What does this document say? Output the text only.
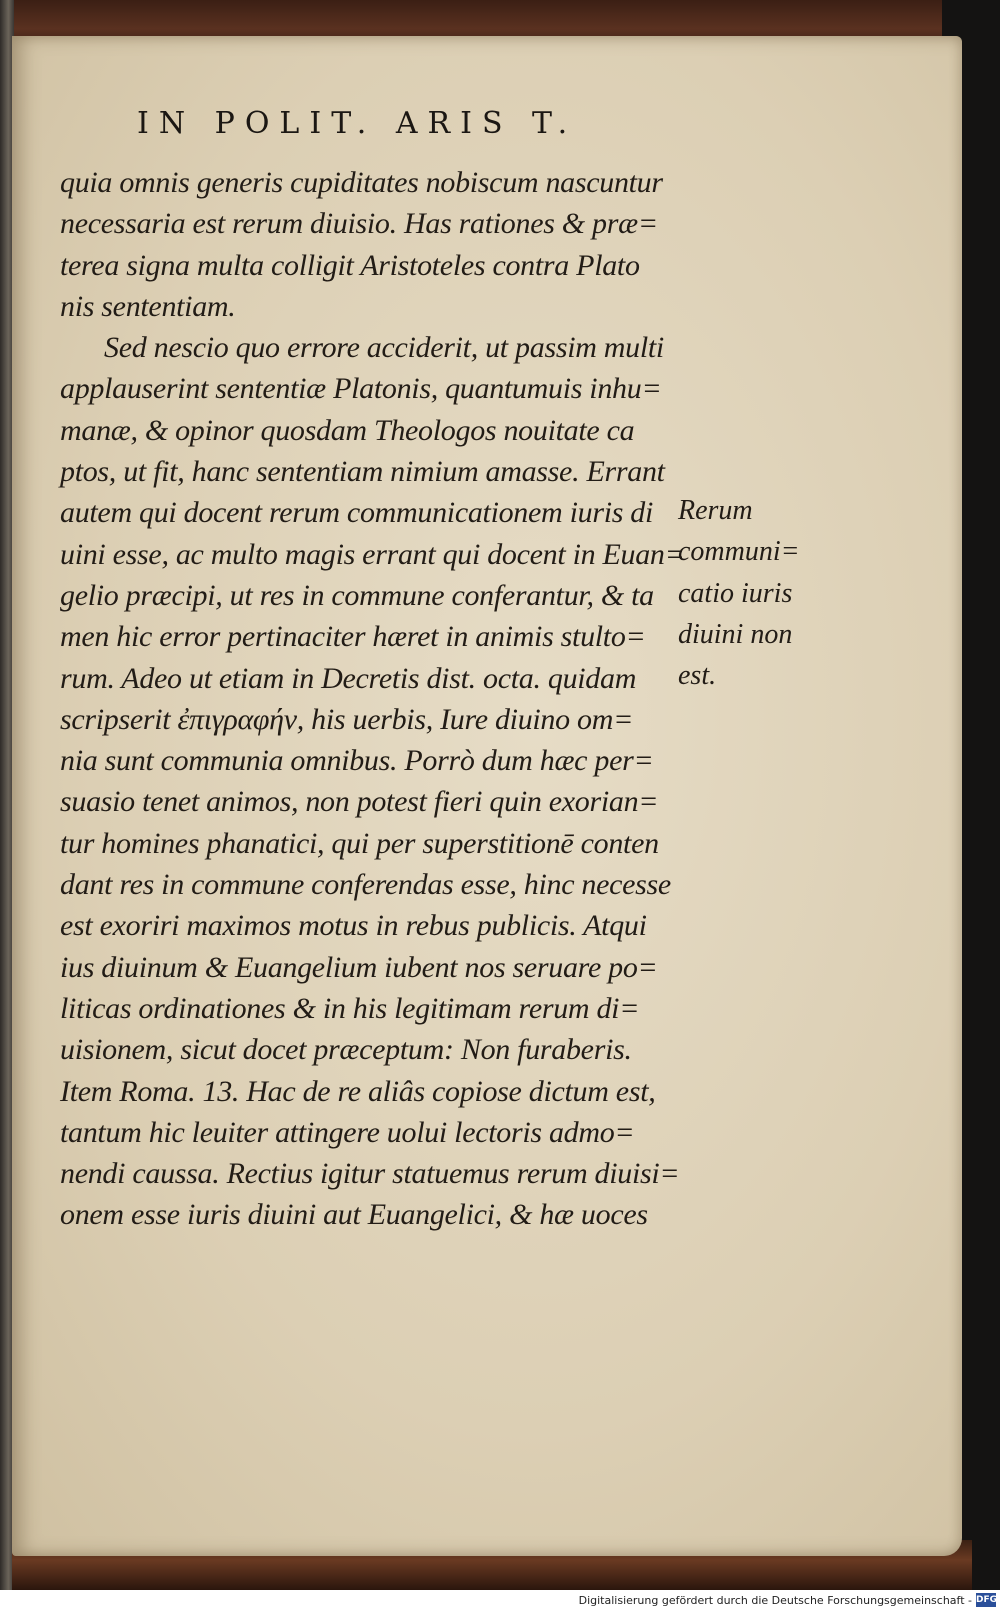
IN POLIT. ARIS T.
quia omnis generis cupiditates nobiscum nascuntur
necessaria est rerum diuisio. Has rationes & præ=
terea signa multa colligit Aristoteles contra Plato
nis sententiam.
Sed nescio quo errore acciderit, ut passim multi
applauserint sententiæ Platonis, quantumuis inhu=
manæ, & opinor quosdam Theologos nouitate ca
ptos, ut fit, hanc sententiam nimium amasse. Errant
autem qui docent rerum communicationem iuris di
uini esse, ac multo magis errant qui docent in Euan=
gelio præcipi, ut res in commune conferantur, & ta
men hic error pertinaciter hæret in animis stulto=
rum. Adeo ut etiam in Decretis dist. octa. quidam
scripserit ἐπιγραφήν, his uerbis, Iure diuino om=
nia sunt communia omnibus. Porrò dum hæc per=
suasio tenet animos, non potest fieri quin exorian=
tur homines phanatici, qui per superstitionē conten
dant res in commune conferendas esse, hinc necesse
est exoriri maximos motus in rebus publicis. Atqui
ius diuinum & Euangelium iubent nos seruare po=
liticas ordinationes & in his legitimam rerum di=
uisionem, sicut docet præceptum: Non furaberis.
Item Roma. 13. Hac de re aliâs copiose dictum est,
tantum hic leuiter attingere uolui lectoris admo=
nendi caussa. Rectius igitur statuemus rerum diuisi=
onem esse iuris diuini aut Euangelici, & hæ uoces
Rerum
communi=
catio iuris
diuini non
est.
Digitalisierung gefördert durch die Deutsche Forschungsgemeinschaft - DFG
